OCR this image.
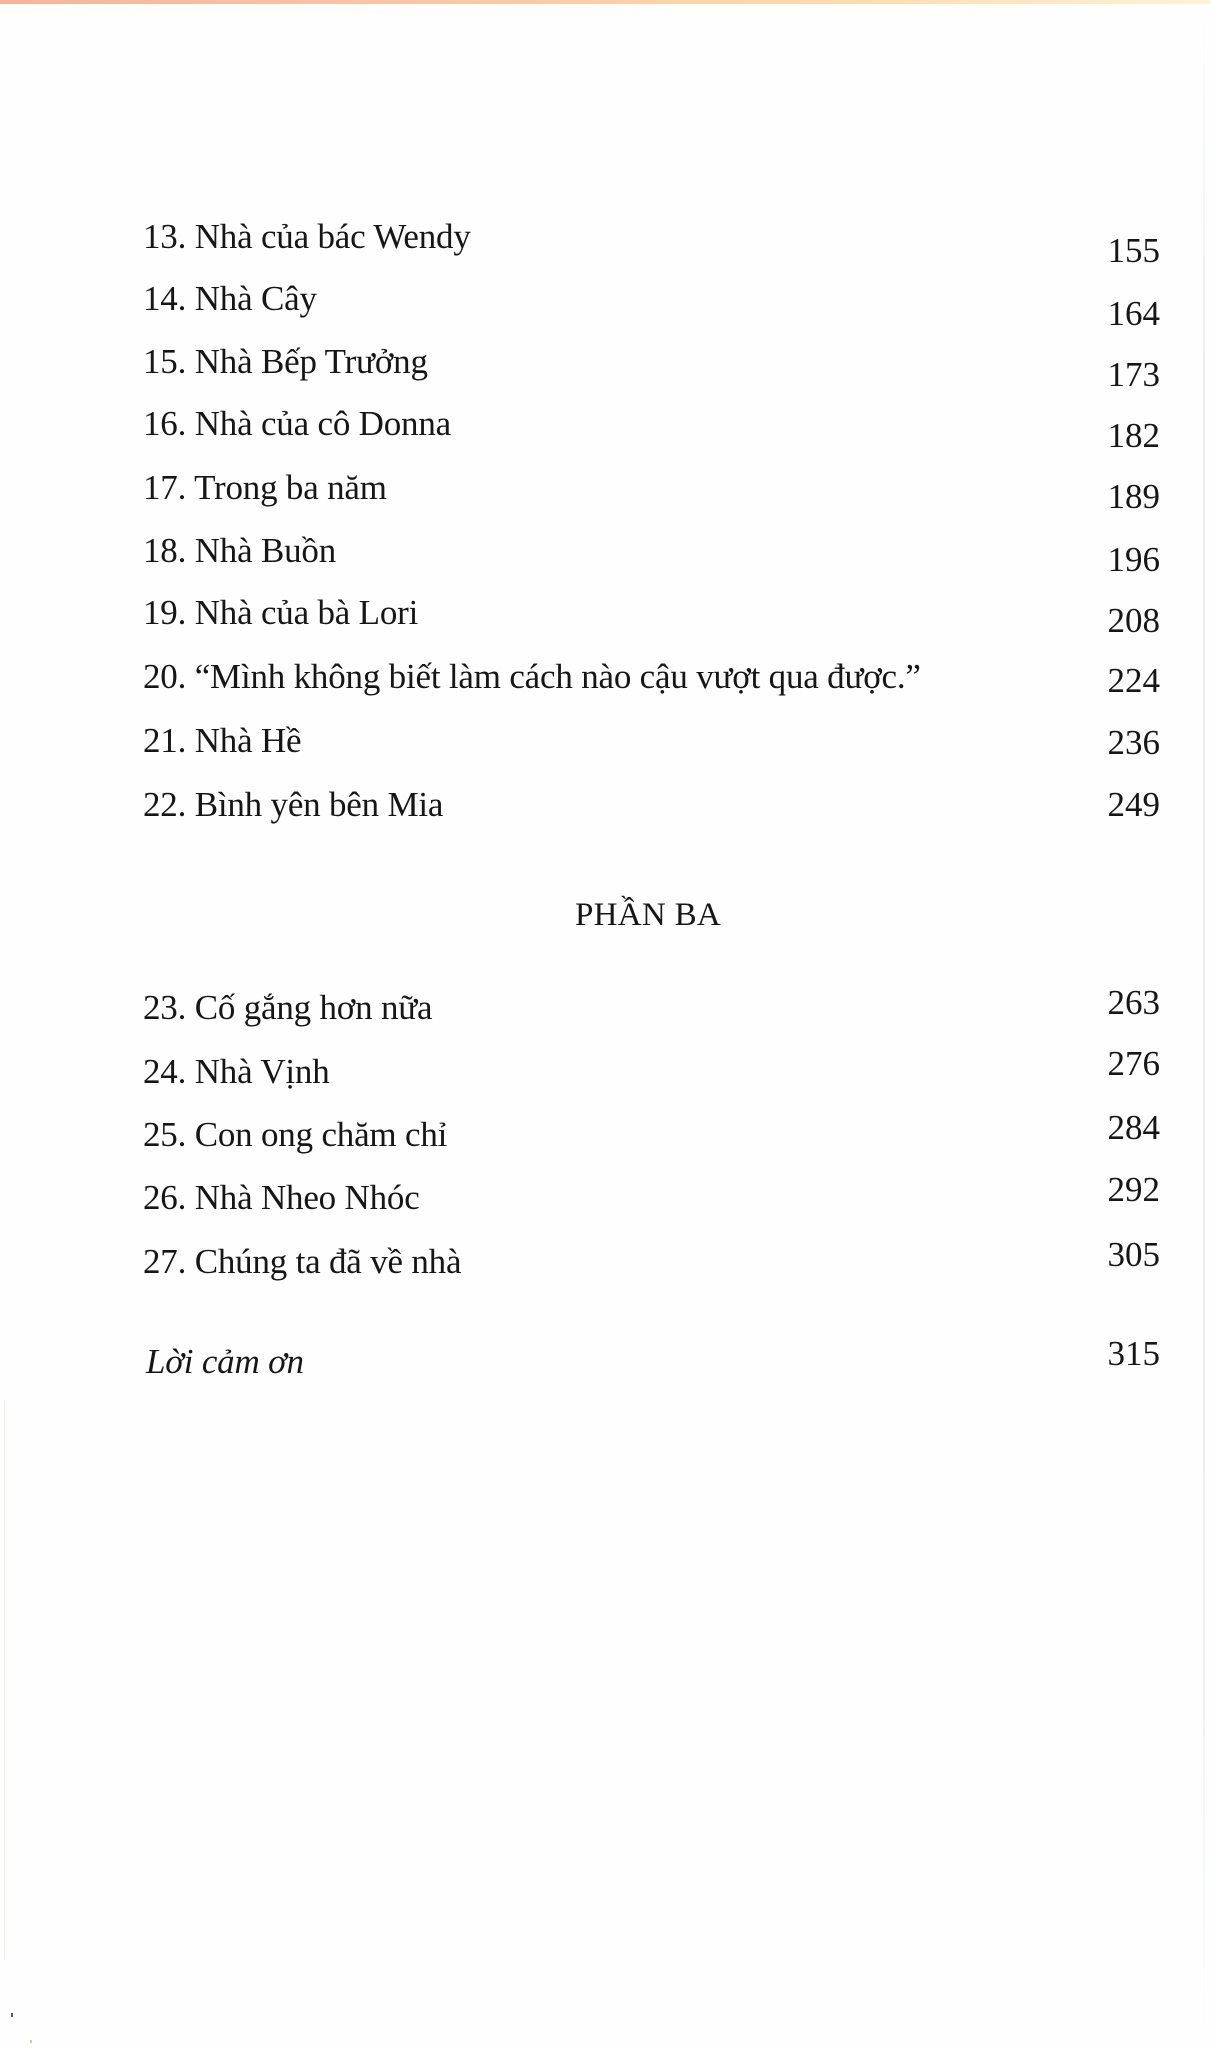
13. Nhà của bác Wendy	155
14. Nhà Cây	164
15. Nhà Bếp Trưởng	173
16. Nhà của cô Donna	182
17. Trong ba năm	189
18. Nhà Buồn	196
19. Nhà của bà Lori	208
20. “Mình không biết làm cách nào cậu vượt qua được.”	224
21. Nhà Hề	236
22. Bình yên bên Mia	249
PHẦN BA
23. Cố gắng hơn nữa	263
24. Nhà Vịnh	276
25. Con ong chăm chỉ	284
26. Nhà Nheo Nhóc	292
27. Chúng ta đã về nhà	305
Lời cảm ơn	315
